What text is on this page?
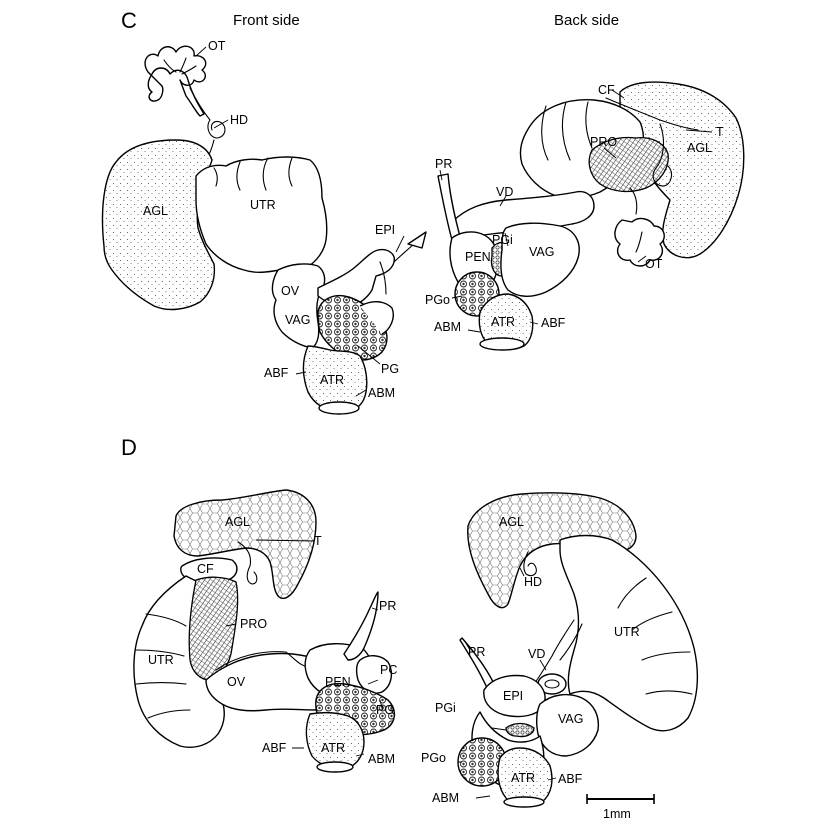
C	Front side
OT
HD
AGL	UTR
EPI
OV
VAG
PG
ABF	ATR
ABM
Back side
CF
T
PRO	AGL
PR
VD
PGi
VAG
PEN	OT
PGo
ATR
ABM	ABF
D
AGL
T
CF
PR
PRO
UTR
PC
PEN
OV
PG
ABF	ATR
ABM
AGL
HD
UTR
PR	VD
EPI
PGi
VAG
PGo
ATR ABF
ABM
1mm
